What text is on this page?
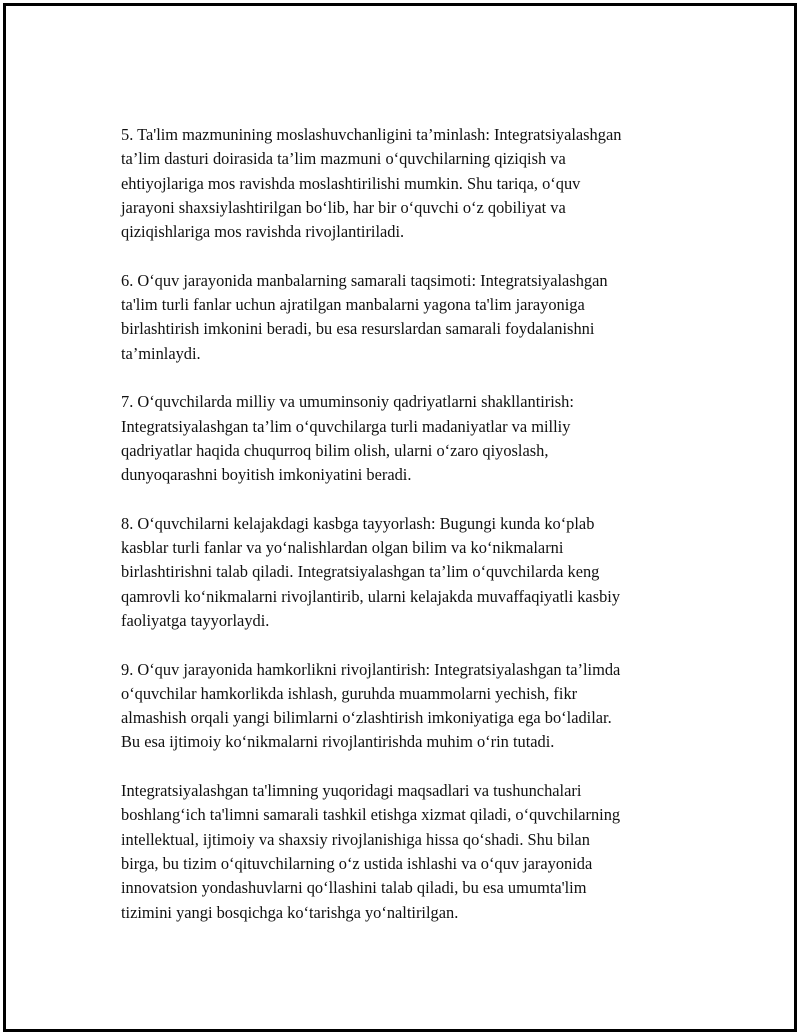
5. Ta'lim mazmunining moslashuvchanligini ta’minlash: Integratsiyalashgan
ta’lim dasturi doirasida ta’lim mazmuni o‘quvchilarning qiziqish va
ehtiyojlariga mos ravishda moslashtirilishi mumkin. Shu tariqa, o‘quv
jarayoni shaxsiylashtirilgan bo‘lib, har bir o‘quvchi o‘z qobiliyat va
qiziqishlariga mos ravishda rivojlantiriladi.

6. O‘quv jarayonida manbalarning samarali taqsimoti: Integratsiyalashgan
ta'lim turli fanlar uchun ajratilgan manbalarni yagona ta'lim jarayoniga
birlashtirish imkonini beradi, bu esa resurslardan samarali foydalanishni
ta’minlaydi.

7. O‘quvchilarda milliy va umuminsoniy qadriyatlarni shakllantirish:
Integratsiyalashgan ta’lim o‘quvchilarga turli madaniyatlar va milliy
qadriyatlar haqida chuqurroq bilim olish, ularni o‘zaro qiyoslash,
dunyoqarashni boyitish imkoniyatini beradi.

8. O‘quvchilarni kelajakdagi kasbga tayyorlash: Bugungi kunda ko‘plab
kasblar turli fanlar va yo‘nalishlardan olgan bilim va ko‘nikmalarni
birlashtirishni talab qiladi. Integratsiyalashgan ta’lim o‘quvchilarda keng
qamrovli ko‘nikmalarni rivojlantirib, ularni kelajakda muvaffaqiyatli kasbiy
faoliyatga tayyorlaydi.

9. O‘quv jarayonida hamkorlikni rivojlantirish: Integratsiyalashgan ta’limda
o‘quvchilar hamkorlikda ishlash, guruhda muammolarni yechish, fikr
almashish orqali yangi bilimlarni o‘zlashtirish imkoniyatiga ega bo‘ladilar.
Bu esa ijtimoiy ko‘nikmalarni rivojlantirishda muhim o‘rin tutadi.

Integratsiyalashgan ta'limning yuqoridagi maqsadlari va tushunchalari
boshlang‘ich ta'limni samarali tashkil etishga xizmat qiladi, o‘quvchilarning
intellektual, ijtimoiy va shaxsiy rivojlanishiga hissa qo‘shadi. Shu bilan
birga, bu tizim o‘qituvchilarning o‘z ustida ishlashi va o‘quv jarayonida
innovatsion yondashuvlarni qo‘llashini talab qiladi, bu esa umumta'lim
tizimini yangi bosqichga ko‘tarishga yo‘naltirilgan.
